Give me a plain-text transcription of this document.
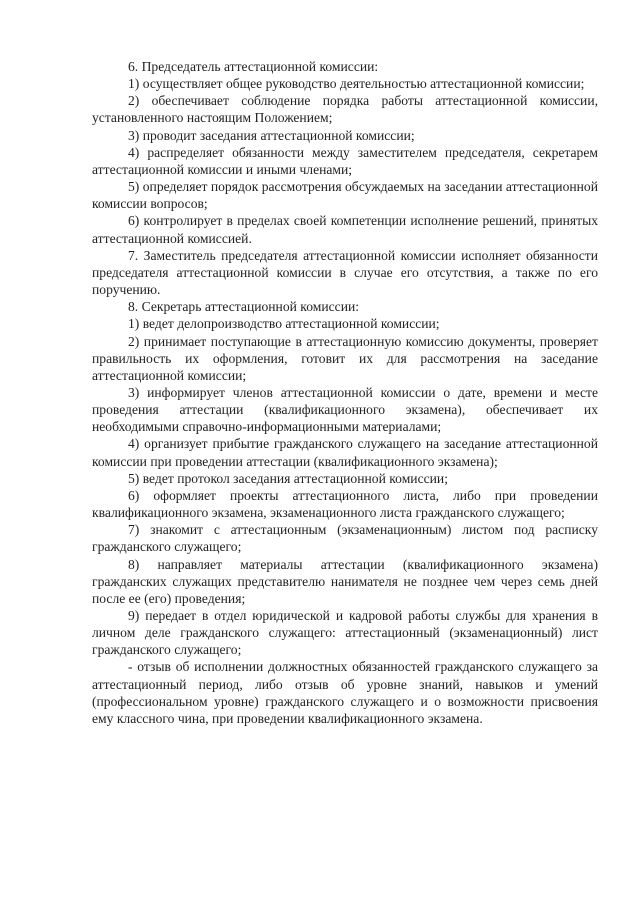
6. Председатель аттестационной комиссии:

1) осуществляет общее руководство деятельностью аттестационной комиссии;

2) обеспечивает соблюдение порядка работы аттестационной комиссии, установленного настоящим Положением;

3) проводит заседания аттестационной комиссии;

4) распределяет обязанности между заместителем председателя, секретарем аттестационной комиссии и иными членами;

5) определяет порядок рассмотрения обсуждаемых на заседании аттестационной комиссии вопросов;

6) контролирует в пределах своей компетенции исполнение решений, принятых аттестационной комиссией.

7. Заместитель председателя аттестационной комиссии исполняет обязанности председателя аттестационной комиссии в случае его отсутствия, а также по его поручению.

8. Секретарь аттестационной комиссии:

1) ведет делопроизводство аттестационной комиссии;

2) принимает поступающие в аттестационную комиссию документы, проверяет правильность их оформления, готовит их для рассмотрения на заседание аттестационной комиссии;

3) информирует членов аттестационной комиссии о дате, времени и месте проведения аттестации (квалификационного экзамена), обеспечивает их необходимыми справочно-информационными материалами;

4) организует прибытие гражданского служащего на заседание аттестационной комиссии при проведении аттестации (квалификационного экзамена);

5) ведет протокол заседания аттестационной комиссии;

6) оформляет проекты аттестационного листа, либо при проведении квалификационного экзамена, экзаменационного листа гражданского служащего;

7) знакомит с аттестационным (экзаменационным) листом под расписку гражданского служащего;

8) направляет материалы аттестации (квалификационного экзамена) гражданских служащих представителю нанимателя не позднее чем через семь дней после ее (его) проведения;

9) передает в отдел юридической и кадровой работы службы для хранения в личном деле гражданского служащего: аттестационный (экзаменационный) лист гражданского служащего;

- отзыв об исполнении должностных обязанностей гражданского служащего за аттестационный период, либо отзыв об уровне знаний, навыков и умений (профессиональном уровне) гражданского служащего и о возможности присвоения ему классного чина, при проведении квалификационного экзамена.
